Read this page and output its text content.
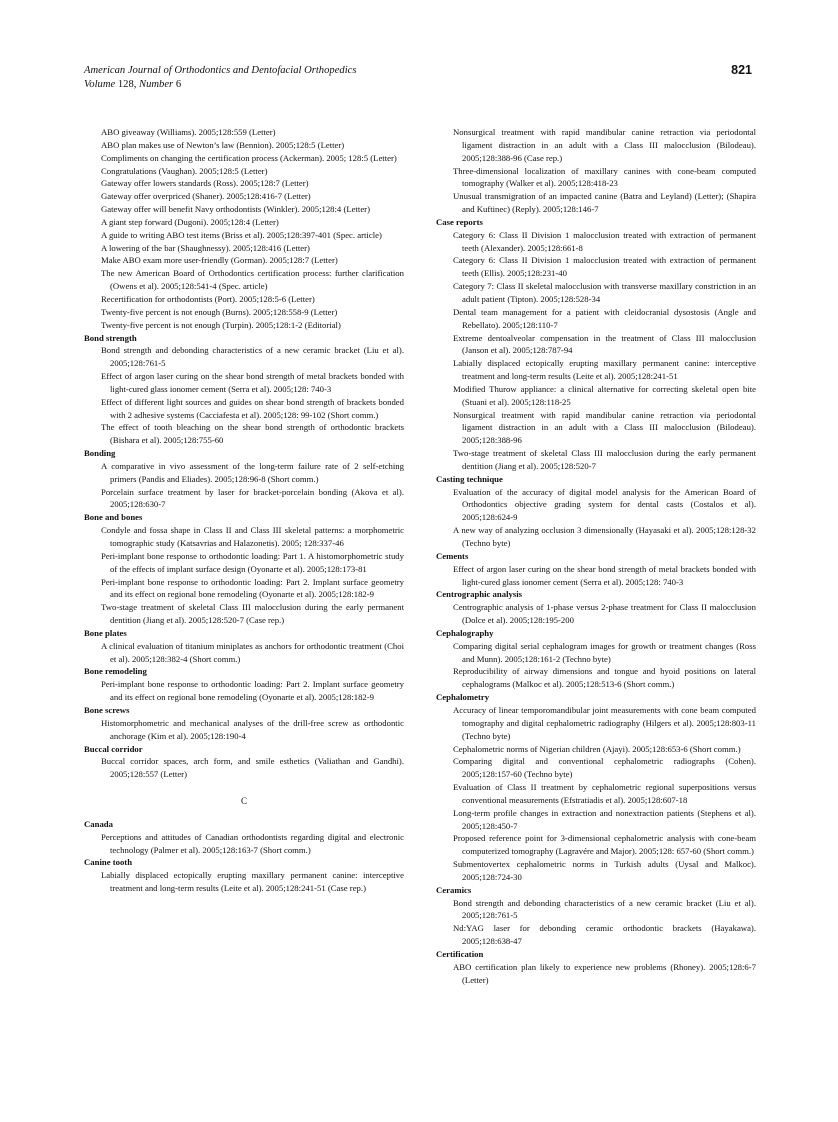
American Journal of Orthodontics and Dentofacial Orthopedics
Volume 128, Number 6
821
ABO giveaway (Williams). 2005;128:559 (Letter)
ABO plan makes use of Newton’s law (Bennion). 2005;128:5 (Letter)
Compliments on changing the certification process (Ackerman). 2005; 128:5 (Letter)
Congratulations (Vaughan). 2005;128:5 (Letter)
Gateway offer lowers standards (Ross). 2005;128:7 (Letter)
Gateway offer overpriced (Shaner). 2005;128:416-7 (Letter)
Gateway offer will benefit Navy orthodontists (Winkler). 2005;128:4 (Letter)
A giant step forward (Dugoni). 2005;128:4 (Letter)
A guide to writing ABO test items (Briss et al). 2005;128:397-401 (Spec. article)
A lowering of the bar (Shaughnessy). 2005;128:416 (Letter)
Make ABO exam more user-friendly (Gorman). 2005;128:7 (Letter)
The new American Board of Orthodontics certification process: further clarification (Owens et al). 2005;128:541-4 (Spec. article)
Recertification for orthodontists (Port). 2005;128:5-6 (Letter)
Twenty-five percent is not enough (Burns). 2005;128:558-9 (Letter)
Twenty-five percent is not enough (Turpin). 2005;128:1-2 (Editorial)
Bond strength
Bond strength and debonding characteristics of a new ceramic bracket (Liu et al). 2005;128:761-5
Effect of argon laser curing on the shear bond strength of metal brackets bonded with light-cured glass ionomer cement (Serra et al). 2005;128: 740-3
Effect of different light sources and guides on shear bond strength of brackets bonded with 2 adhesive systems (Cacciafesta et al). 2005;128: 99-102 (Short comm.)
The effect of tooth bleaching on the shear bond strength of orthodontic brackets (Bishara et al). 2005;128:755-60
Bonding
A comparative in vivo assessment of the long-term failure rate of 2 self-etching primers (Pandis and Eliades). 2005;128:96-8 (Short comm.)
Porcelain surface treatment by laser for bracket-porcelain bonding (Akova et al). 2005;128:630-7
Bone and bones
Condyle and fossa shape in Class II and Class III skeletal patterns: a morphometric tomographic study (Katsavrias and Halazonetis). 2005; 128:337-46
Peri-implant bone response to orthodontic loading: Part 1. A histomorphometric study of the effects of implant surface design (Oyonarte et al). 2005;128:173-81
Peri-implant bone response to orthodontic loading: Part 2. Implant surface geometry and its effect on regional bone remodeling (Oyonarte et al). 2005;128:182-9
Two-stage treatment of skeletal Class III malocclusion during the early permanent dentition (Jiang et al). 2005;128:520-7 (Case rep.)
Bone plates
A clinical evaluation of titanium miniplates as anchors for orthodontic treatment (Choi et al). 2005;128:382-4 (Short comm.)
Bone remodeling
Peri-implant bone response to orthodontic loading: Part 2. Implant surface geometry and its effect on regional bone remodeling (Oyonarte et al). 2005;128:182-9
Bone screws
Histomorphometric and mechanical analyses of the drill-free screw as orthodontic anchorage (Kim et al). 2005;128:190-4
Buccal corridor
Buccal corridor spaces, arch form, and smile esthetics (Valiathan and Gandhi). 2005;128:557 (Letter)
C
Canada
Perceptions and attitudes of Canadian orthodontists regarding digital and electronic technology (Palmer et al). 2005;128:163-7 (Short comm.)
Canine tooth
Labially displaced ectopically erupting maxillary permanent canine: interceptive treatment and long-term results (Leite et al). 2005;128:241-51 (Case rep.)
Nonsurgical treatment with rapid mandibular canine retraction via periodontal ligament distraction in an adult with a Class III malocclusion (Bilodeau). 2005;128:388-96 (Case rep.)
Three-dimensional localization of maxillary canines with cone-beam computed tomography (Walker et al). 2005;128:418-23
Unusual transmigration of an impacted canine (Batra and Leyland) (Letter); (Shapira and Kuftinec) (Reply). 2005;128:146-7
Case reports
Category 6: Class II Division 1 malocclusion treated with extraction of permanent teeth (Alexander). 2005;128:661-8
Category 6: Class II Division 1 malocclusion treated with extraction of permanent teeth (Ellis). 2005;128:231-40
Category 7: Class II skeletal malocclusion with transverse maxillary constriction in an adult patient (Tipton). 2005;128:528-34
Dental team management for a patient with cleidocranial dysostosis (Angle and Rebellato). 2005;128:110-7
Extreme dentoalveolar compensation in the treatment of Class III malocclusion (Janson et al). 2005;128:787-94
Labially displaced ectopically erupting maxillary permanent canine: interceptive treatment and long-term results (Leite et al). 2005;128:241-51
Modified Thurow appliance: a clinical alternative for correcting skeletal open bite (Stuani et al). 2005;128:118-25
Nonsurgical treatment with rapid mandibular canine retraction via periodontal ligament distraction in an adult with a Class III malocclusion (Bilodeau). 2005;128:388-96
Two-stage treatment of skeletal Class III malocclusion during the early permanent dentition (Jiang et al). 2005;128:520-7
Casting technique
Evaluation of the accuracy of digital model analysis for the American Board of Orthodontics objective grading system for dental casts (Costalos et al). 2005;128:624-9
A new way of analyzing occlusion 3 dimensionally (Hayasaki et al). 2005;128:128-32 (Techno byte)
Cements
Effect of argon laser curing on the shear bond strength of metal brackets bonded with light-cured glass ionomer cement (Serra et al). 2005;128: 740-3
Centrographic analysis
Centrographic analysis of 1-phase versus 2-phase treatment for Class II malocclusion (Dolce et al). 2005;128:195-200
Cephalography
Comparing digital serial cephalogram images for growth or treatment changes (Ross and Munn). 2005;128:161-2 (Techno byte)
Reproducibility of airway dimensions and tongue and hyoid positions on lateral cephalograms (Malkoc et al). 2005;128:513-6 (Short comm.)
Cephalometry
Accuracy of linear temporomandibular joint measurements with cone beam computed tomography and digital cephalometric radiography (Hilgers et al). 2005;128:803-11 (Techno byte)
Cephalometric norms of Nigerian children (Ajayi). 2005;128:653-6 (Short comm.)
Comparing digital and conventional cephalometric radiographs (Cohen). 2005;128:157-60 (Techno byte)
Evaluation of Class II treatment by cephalometric regional superpositions versus conventional measurements (Efstratiadis et al). 2005;128:607-18
Long-term profile changes in extraction and nonextraction patients (Stephens et al). 2005;128:450-7
Proposed reference point for 3-dimensional cephalometric analysis with cone-beam computerized tomography (Lagravére and Major). 2005;128: 657-60 (Short comm.)
Submentovertex cephalometric norms in Turkish adults (Uysal and Malkoc). 2005;128:724-30
Ceramics
Bond strength and debonding characteristics of a new ceramic bracket (Liu et al). 2005;128:761-5
Nd:YAG laser for debonding ceramic orthodontic brackets (Hayakawa). 2005;128:638-47
Certification
ABO certification plan likely to experience new problems (Rhoney). 2005;128:6-7 (Letter)
